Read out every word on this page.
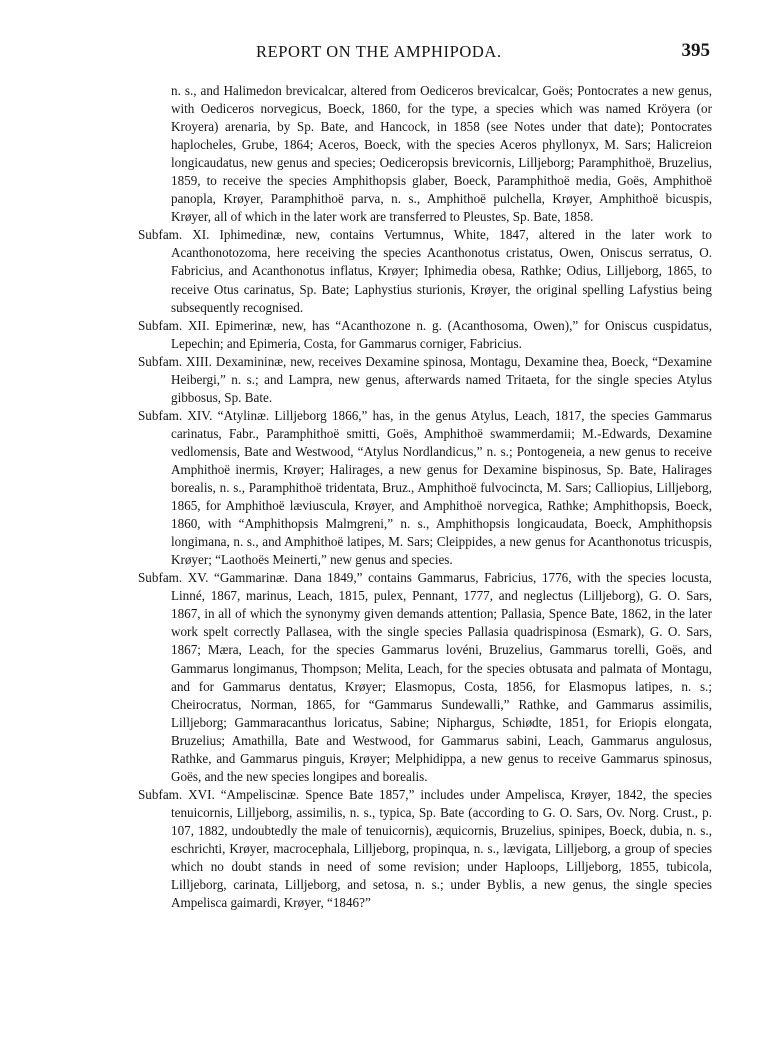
REPORT ON THE AMPHIPODA.	395

n. s., and Halimedon brevicalcar, altered from Oediceros brevicalcar, Goës; Pontocrates a new genus, with Oediceros norvegicus, Boeck, 1860, for the type, a species which was named Kröyera (or Kroyera) arenaria, by Sp. Bate, and Hancock, in 1858 (see Notes under that date); Pontocrates haplocheles, Grube, 1864; Aceros, Boeck, with the species Aceros phyllonyx, M. Sars; Halicreion longicaudatus, new genus and species; Oediceropsis brevicornis, Lilljeborg; Paramphithoë, Bruzelius, 1859, to receive the species Amphithopsis glaber, Boeck, Paramphithoë media, Goës, Amphithoë panopla, Krøyer, Paramphithoë parva, n. s., Amphithoë pulchella, Krøyer, Amphithoë bicuspis, Krøyer, all of which in the later work are transferred to Pleustes, Sp. Bate, 1858.

Subfam. XI. Iphimedinæ, new, contains Vertumnus, White, 1847, altered in the later work to Acanthonotozoma, here receiving the species Acanthonotus cristatus, Owen, Oniscus serratus, O. Fabricius, and Acanthonotus inflatus, Krøyer; Iphimedia obesa, Rathke; Odius, Lilljeborg, 1865, to receive Otus carinatus, Sp. Bate; Laphystius sturionis, Krøyer, the original spelling Lafystius being subsequently recognised.

Subfam. XII. Epimerinæ, new, has “Acanthozone n. g. (Acanthosoma, Owen),” for Oniscus cuspidatus, Lepechin; and Epimeria, Costa, for Gammarus corniger, Fabricius.

Subfam. XIII. Dexamininæ, new, receives Dexamine spinosa, Montagu, Dexamine thea, Boeck, “Dexamine Heibergi,” n. s.; and Lampra, new genus, afterwards named Tritaeta, for the single species Atylus gibbosus, Sp. Bate.

Subfam. XIV. “Atylinæ. Lilljeborg 1866,” has, in the genus Atylus, Leach, 1817, the species Gammarus carinatus, Fabr., Paramphithoë smitti, Goës, Amphithoë swammerdamii; M.-Edwards, Dexamine vedlomensis, Bate and Westwood, “Atylus Nordlandicus,” n. s.; Pontogeneia, a new genus to receive Amphithoë inermis, Krøyer; Halirages, a new genus for Dexamine bispinosus, Sp. Bate, Halirages borealis, n. s., Paramphithoë tridentata, Bruz., Amphithoë fulvocincta, M. Sars; Calliopius, Lilljeborg, 1865, for Amphithoë læviuscula, Krøyer, and Amphithoë norvegica, Rathke; Amphithopsis, Boeck, 1860, with “Amphithopsis Malmgreni,” n. s., Amphithopsis longicaudata, Boeck, Amphithopsis longimana, n. s., and Amphithoë latipes, M. Sars; Cleippides, a new genus for Acanthonotus tricuspis, Krøyer; “Laothoës Meinerti,” new genus and species.

Subfam. XV. “Gammarinæ. Dana 1849,” contains Gammarus, Fabricius, 1776, with the species locusta, Linné, 1867, marinus, Leach, 1815, pulex, Pennant, 1777, and neglectus (Lilljeborg), G. O. Sars, 1867, in all of which the synonymy given demands attention; Pallasia, Spence Bate, 1862, in the later work spelt correctly Pallasea, with the single species Pallasia quadrispinosa (Esmark), G. O. Sars, 1867; Mæra, Leach, for the species Gammarus lovéni, Bruzelius, Gammarus torelli, Goës, and Gammarus longimanus, Thompson; Melita, Leach, for the species obtusata and palmata of Montagu, and for Gammarus dentatus, Krøyer; Elasmopus, Costa, 1856, for Elasmopus latipes, n. s.; Cheirocratus, Norman, 1865, for “Gammarus Sundewalli,” Rathke, and Gammarus assimilis, Lilljeborg; Gammaracanthus loricatus, Sabine; Niphargus, Schiødte, 1851, for Eriopis elongata, Bruzelius; Amathilla, Bate and Westwood, for Gammarus sabini, Leach, Gammarus angulosus, Rathke, and Gammarus pinguis, Krøyer; Melphidippa, a new genus to receive Gammarus spinosus, Goës, and the new species longipes and borealis.

Subfam. XVI. “Ampeliscinæ. Spence Bate 1857,” includes under Ampelisca, Krøyer, 1842, the species tenuicornis, Lilljeborg, assimilis, n. s., typica, Sp. Bate (according to G. O. Sars, Ov. Norg. Crust., p. 107, 1882, undoubtedly the male of tenuicornis), æquicornis, Bruzelius, spinipes, Boeck, dubia, n. s., eschrichti, Krøyer, macrocephala, Lilljeborg, propinqua, n. s., lævigata, Lilljeborg, a group of species which no doubt stands in need of some revision; under Haploops, Lilljeborg, 1855, tubicola, Lilljeborg, carinata, Lilljeborg, and setosa, n. s.; under Byblis, a new genus, the single species Ampelisca gaimardi, Krøyer, “1846?”
